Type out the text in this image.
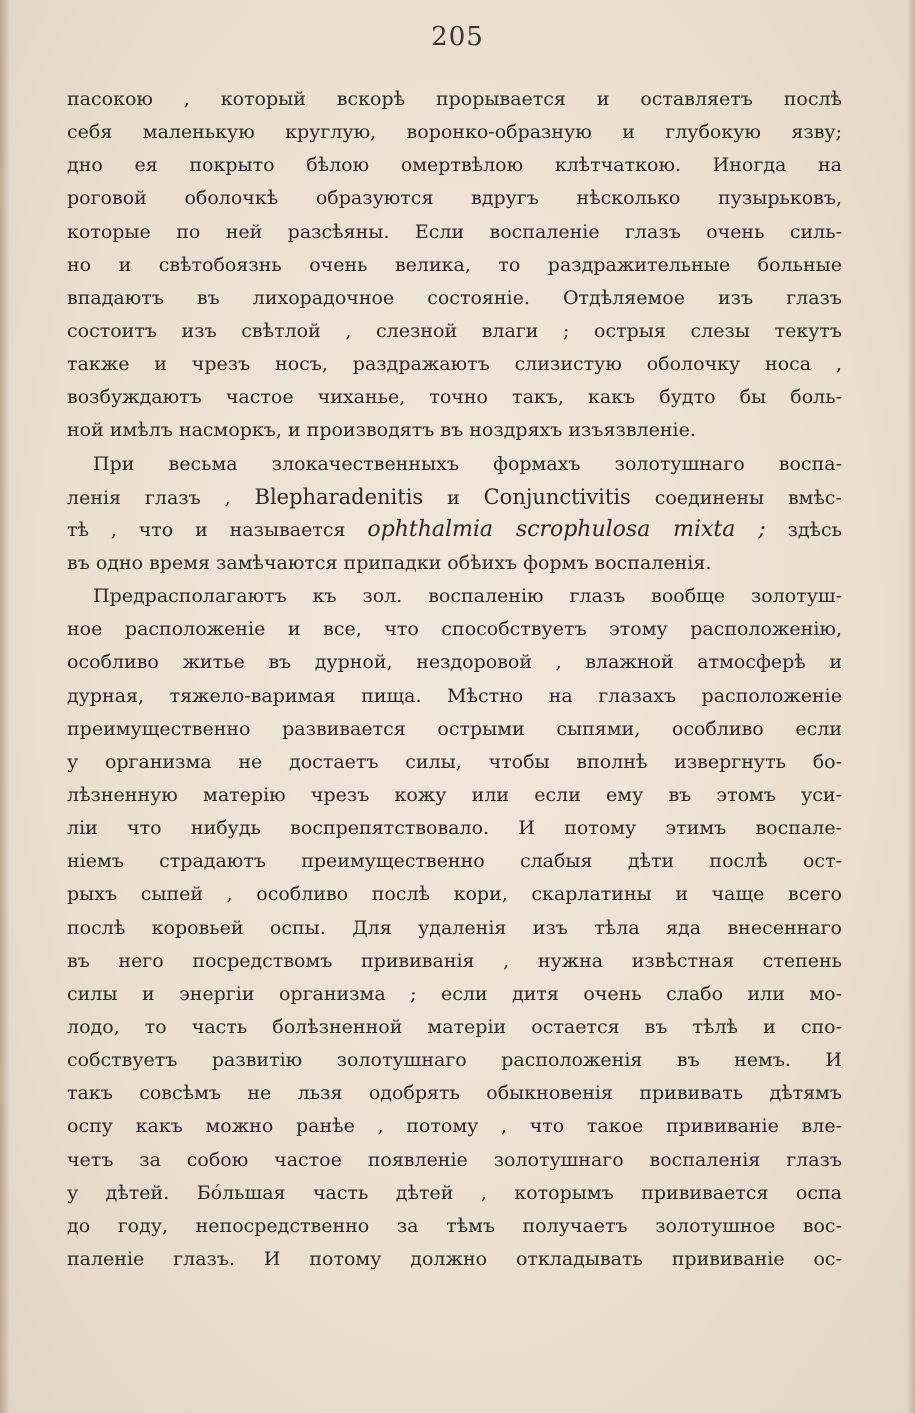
205
пасокою , который вскорѣ прорывается и оставляетъ послѣ
себя маленькую круглую, воронко-образную и глубокую язву;
дно ея покрыто бѣлою омертвѣлою клѣтчаткою. Иногда на
роговой оболочкѣ образуются вдругъ нѣсколько пузырьковъ,
которые по ней разсѣяны. Если воспаленіе глазъ очень силь-
но и свѣтобоязнь очень велика, то раздражительные больные
впадаютъ въ лихорадочное состояніе. Отдѣляемое изъ глазъ
состоитъ изъ свѣтлой , слезной влаги ; острыя слезы текутъ
также и чрезъ носъ, раздражаютъ слизистую оболочку носа ,
возбуждаютъ частое чиханье, точно такъ, какъ будто бы боль-
ной имѣлъ насморкъ, и производятъ въ ноздряхъ изъязвленіе.
При весьма злокачественныхъ формахъ золотушнаго воспа-
ленія глазъ , Blepharadenitis и Conjunctivitis соединены вмѣс-
тѣ , что и называется ophthalmia scrophulosa mixta ; здѣсь
въ одно время замѣчаются припадки обѣихъ формъ воспаленія.
Предрасполагаютъ къ зол. воспаленію глазъ вообще золотуш-
ное расположеніе и все, что способствуетъ этому расположенію,
особливо житье въ дурной, нездоровой , влажной атмосферѣ и
дурная, тяжело-варимая пища. Мѣстно на глазахъ расположеніе
преимущественно развивается острыми сыпями, особливо если
у организма не достаетъ силы, чтобы вполнѣ извергнуть бо-
лѣзненную матерію чрезъ кожу или если ему въ этомъ уси-
ліи что нибудь воспрепятствовало. И потому этимъ воспале-
ніемъ страдаютъ преимущественно слабыя дѣти послѣ ост-
рыхъ сыпей , особливо послѣ кори, скарлатины и чаще всего
послѣ коровьей оспы. Для удаленія изъ тѣла яда внесеннаго
въ него посредствомъ прививанія , нужна извѣстная степень
силы и энергіи организма ; если дитя очень слабо или мо-
лодо, то часть болѣзненной матеріи остается въ тѣлѣ и спо-
собствуетъ развитію золотушнаго расположенія въ немъ. И
такъ совсѣмъ не льзя одобрять обыкновенія прививать дѣтямъ
оспу какъ можно ранѣе , потому , что такое прививаніе вле-
четъ за собою частое появленіе золотушнаго воспаленія глазъ
у дѣтей. Бо́льшая часть дѣтей , которымъ прививается оспа
до году, непосредственно за тѣмъ получаетъ золотушное вос-
паленіе глазъ. И потому должно откладывать прививаніе ос-
